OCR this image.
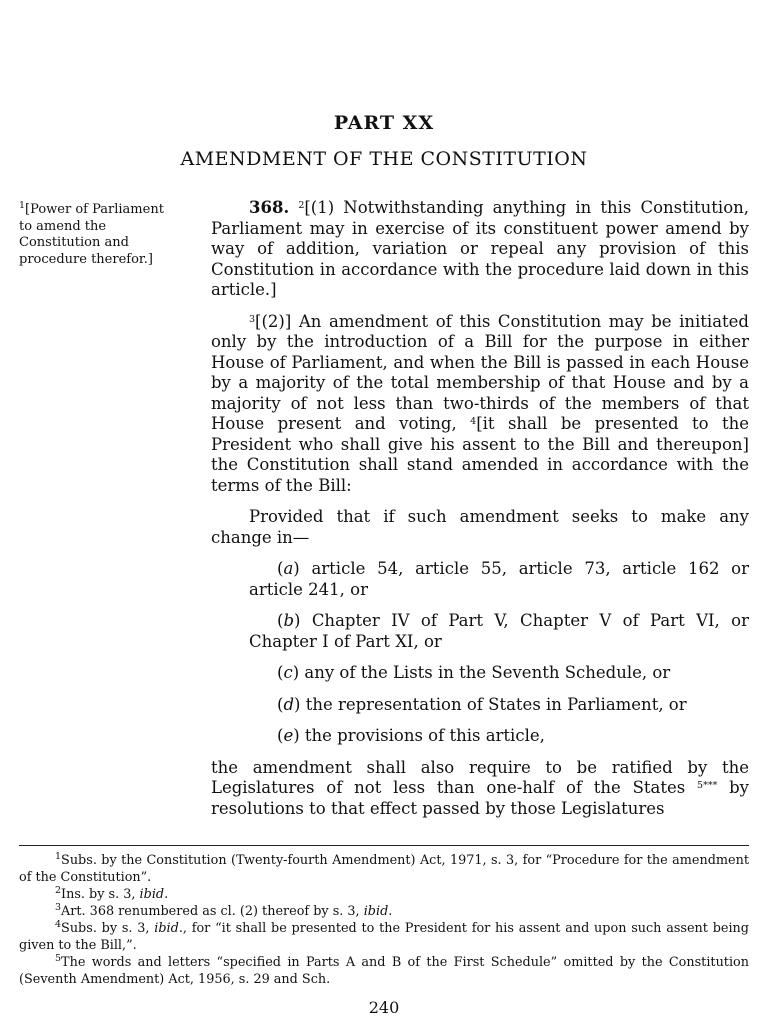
PART XX
AMENDMENT OF THE CONSTITUTION

$^1$[Power of Parliament to amend the Constitution and procedure therefor.]

368. $^2$[(1) Notwithstanding anything in this Constitution, Parliament may in exercise of its constituent power amend by way of addition, variation or repeal any provision of this Constitution in accordance with the procedure laid down in this article.]

$^3$[(2)] An amendment of this Constitution may be initiated only by the introduction of a Bill for the purpose in either House of Parliament, and when the Bill is passed in each House by a majority of the total membership of that House and by a majority of not less than two-thirds of the members of that House present and voting, $^4$[it shall be presented to the President who shall give his assent to the Bill and thereupon] the Constitution shall stand amended in accordance with the terms of the Bill:

Provided that if such amendment seeks to make any change in—

(a) article 54, article 55, article 73, article 162 or article 241, or

(b) Chapter IV of Part V, Chapter V of Part VI, or Chapter I of Part XI, or

(c) any of the Lists in the Seventh Schedule, or

(d) the representation of States in Parliament, or

(e) the provisions of this article,

the amendment shall also require to be ratified by the Legislatures of not less than one-half of the States $^{5***}$ by resolutions to that effect passed by those Legislatures

$^1$Subs. by the Constitution (Twenty-fourth Amendment) Act, 1971, s. 3, for “Procedure for the amendment of the Constitution”.

$^2$Ins. by s. 3, ibid.

$^3$Art. 368 renumbered as cl. (2) thereof by s. 3, ibid.

$^4$Subs. by s. 3, ibid., for “it shall be presented to the President for his assent and upon such assent being given to the Bill,”.

$^5$The words and letters “specified in Parts A and B of the First Schedule” omitted by the Constitution (Seventh Amendment) Act, 1956, s. 29 and Sch.

240
